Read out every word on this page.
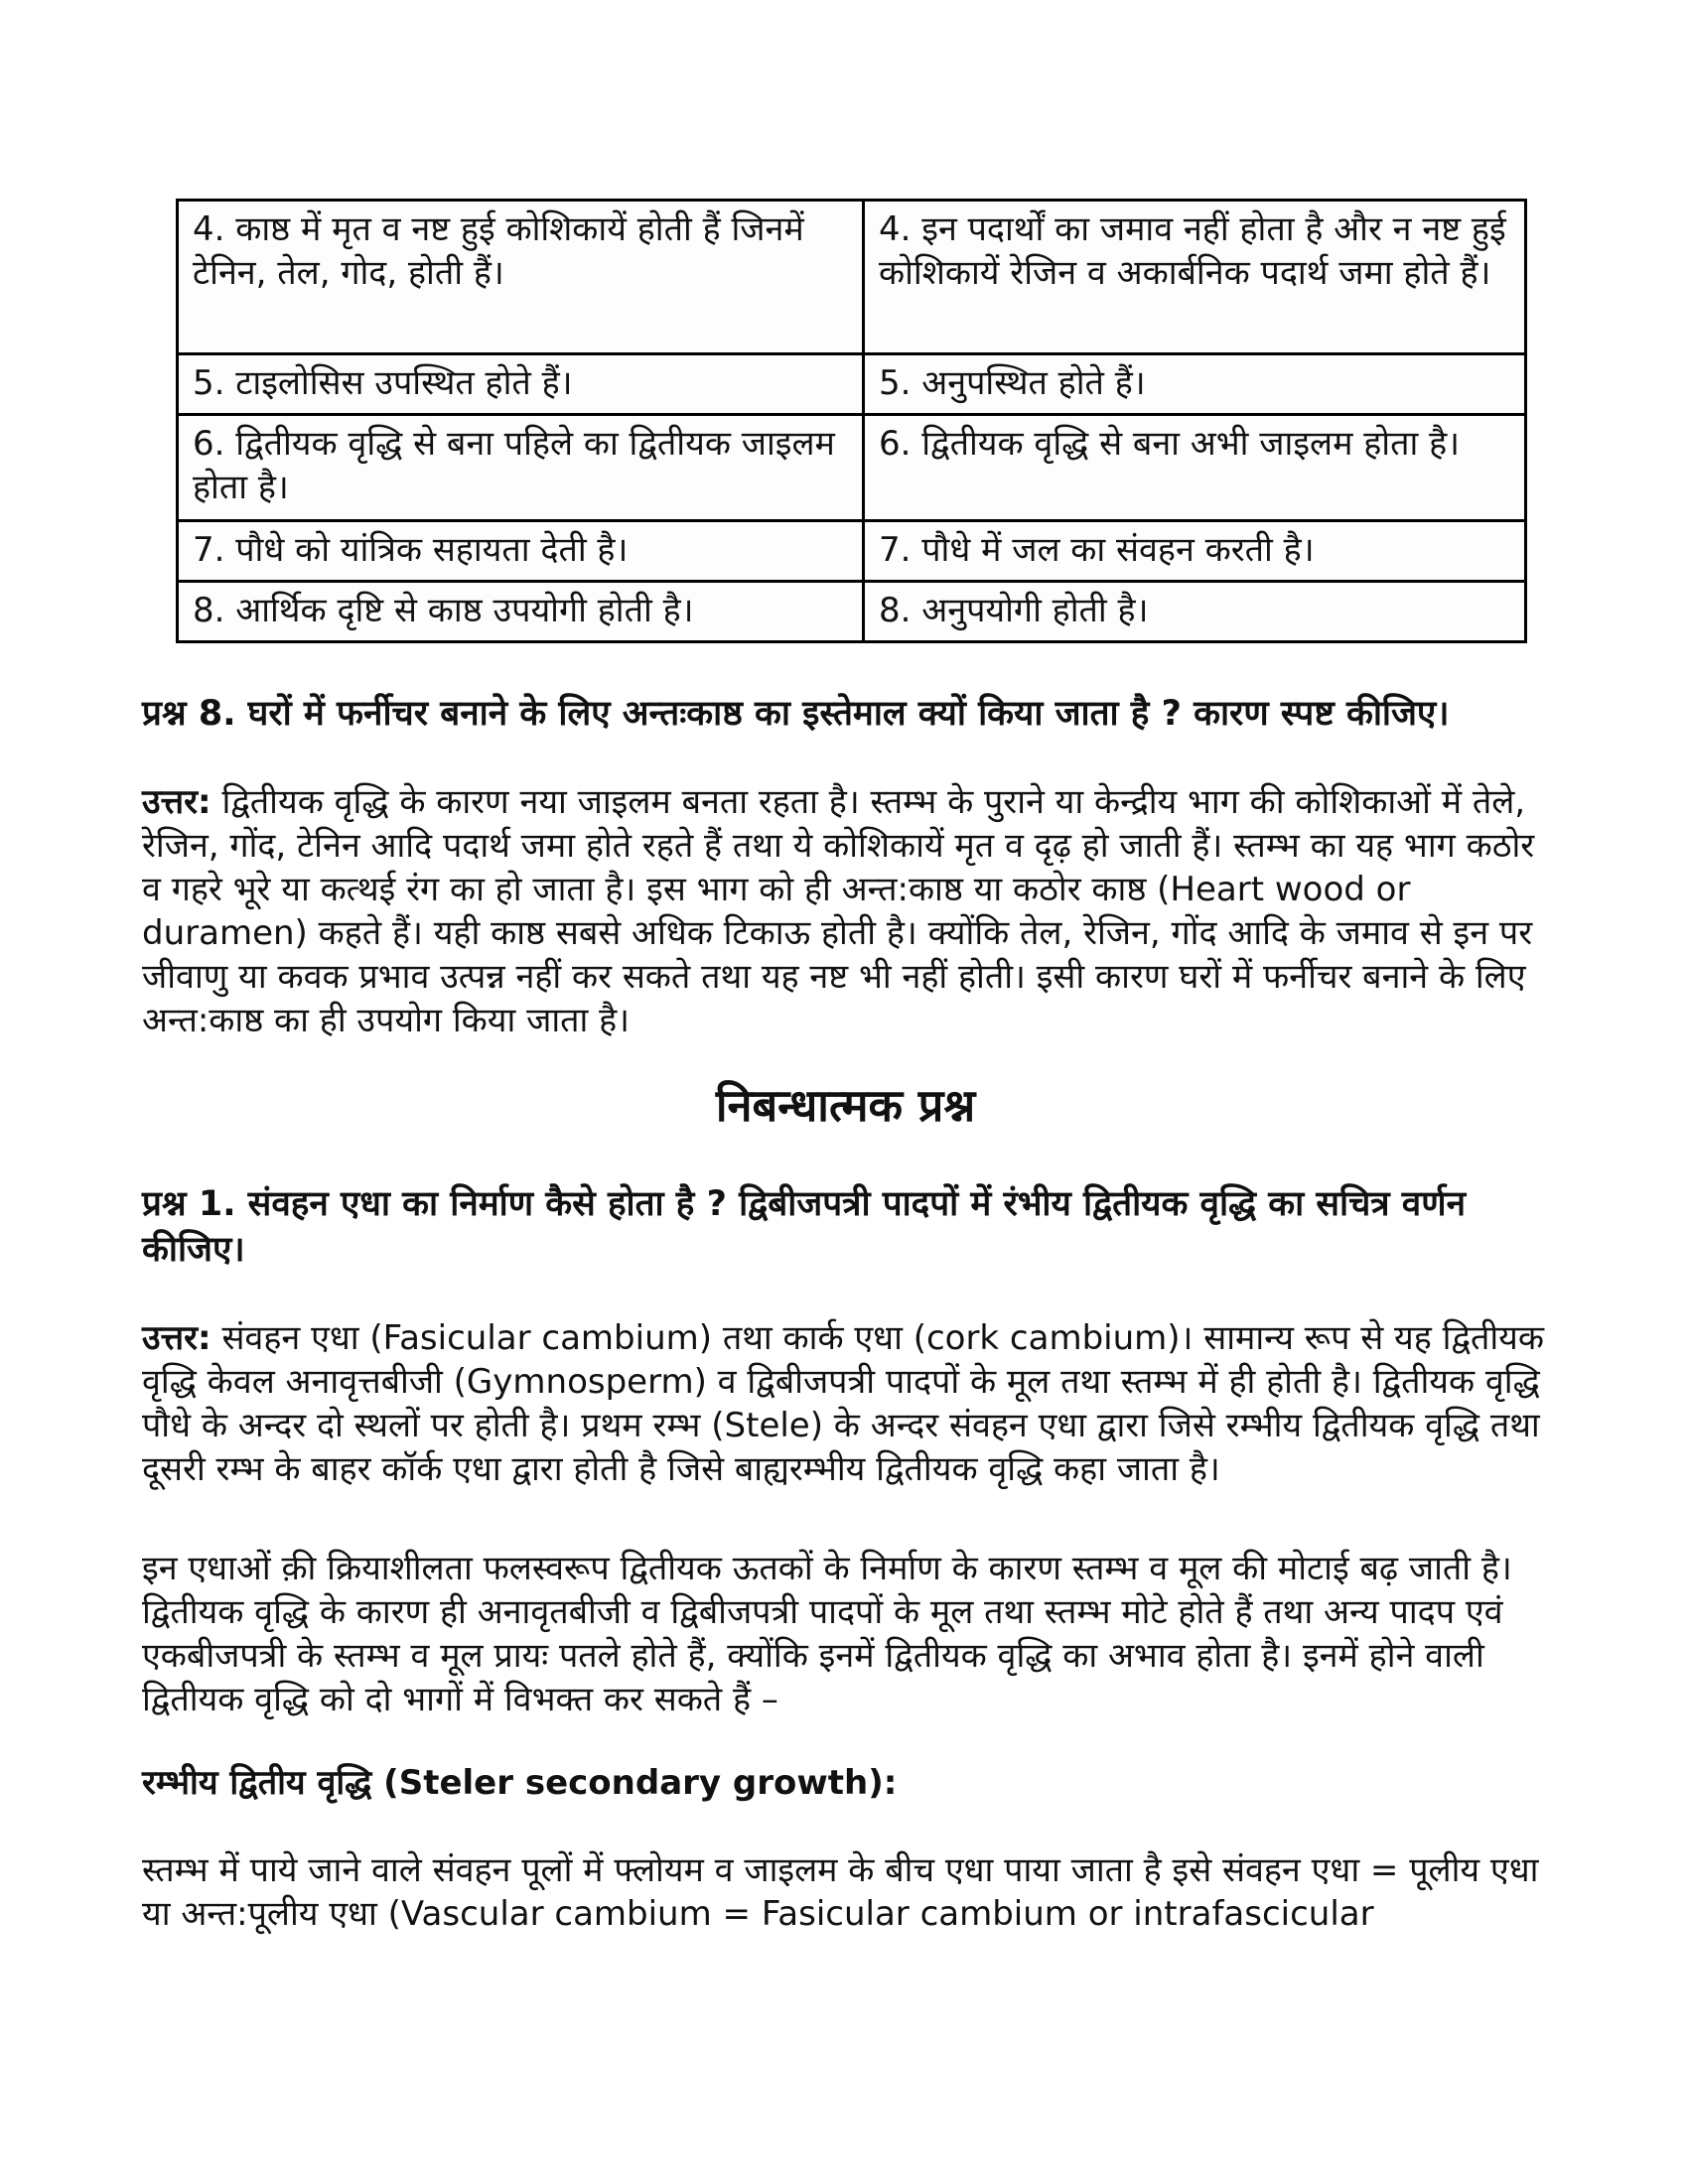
4. काष्ठ में मृत व नष्ट हुई कोशिकायें होती हैं जिनमें टेनिन, तेल, गोद, होती हैं।	4. इन पदार्थों का जमाव नहीं होता है और न नष्ट हुई कोशिकायें रेजिन व अकार्बनिक पदार्थ जमा होते हैं।
5. टाइलोसिस उपस्थित होते हैं।	5. अनुपस्थित होते हैं।
6. द्वितीयक वृद्धि से बना पहिले का द्वितीयक जाइलम होता है।	6. द्वितीयक वृद्धि से बना अभी जाइलम होता है।
7. पौधे को यांत्रिक सहायता देती है।	7. पौधे में जल का संवहन करती है।
8. आर्थिक दृष्टि से काष्ठ उपयोगी होती है।	8. अनुपयोगी होती है।
प्रश्न 8. घरों में फर्नीचर बनाने के लिए अन्तःकाष्ठ का इस्तेमाल क्यों किया जाता है ? कारण स्पष्ट कीजिए।
उत्तर: द्वितीयक वृद्धि के कारण नया जाइलम बनता रहता है। स्तम्भ के पुराने या केन्द्रीय भाग की कोशिकाओं में तेले, रेजिन, गोंद, टेनिन आदि पदार्थ जमा होते रहते हैं तथा ये कोशिकायें मृत व दृढ़ हो जाती हैं। स्तम्भ का यह भाग कठोर व गहरे भूरे या कत्थई रंग का हो जाता है। इस भाग को ही अन्त:काष्ठ या कठोर काष्ठ (Heart wood or duramen) कहते हैं। यही काष्ठ सबसे अधिक टिकाऊ होती है। क्योंकि तेल, रेजिन, गोंद आदि के जमाव से इन पर जीवाणु या कवक प्रभाव उत्पन्न नहीं कर सकते तथा यह नष्ट भी नहीं होती। इसी कारण घरों में फर्नीचर बनाने के लिए अन्त:काष्ठ का ही उपयोग किया जाता है।
निबन्धात्मक प्रश्न
प्रश्न 1. संवहन एधा का निर्माण कैसे होता है ? द्विबीजपत्री पादपों में रंभीय द्वितीयक वृद्धि का सचित्र वर्णन कीजिए।
उत्तर: संवहन एधा (Fasicular cambium) तथा कार्क एधा (cork cambium)। सामान्य रूप से यह द्वितीयक वृद्धि केवल अनावृत्तबीजी (Gymnosperm) व द्विबीजपत्री पादपों के मूल तथा स्तम्भ में ही होती है। द्वितीयक वृद्धि पौधे के अन्दर दो स्थलों पर होती है। प्रथम रम्भ (Stele) के अन्दर संवहन एधा द्वारा जिसे रम्भीय द्वितीयक वृद्धि तथा दूसरी रम्भ के बाहर कॉर्क एधा द्वारा होती है जिसे बाह्यरम्भीय द्वितीयक वृद्धि कहा जाता है।
इन एधाओं क़ी क्रियाशीलता फलस्वरूप द्वितीयक ऊतकों के निर्माण के कारण स्तम्भ व मूल की मोटाई बढ़ जाती है। द्वितीयक वृद्धि के कारण ही अनावृतबीजी व द्विबीजपत्री पादपों के मूल तथा स्तम्भ मोटे होते हैं तथा अन्य पादप एवं एकबीजपत्री के स्तम्भ व मूल प्रायः पतले होते हैं, क्योंकि इनमें द्वितीयक वृद्धि का अभाव होता है। इनमें होने वाली द्वितीयक वृद्धि को दो भागों में विभक्त कर सकते हैं –
रम्भीय द्वितीय वृद्धि (Steler secondary growth):
स्तम्भ में पाये जाने वाले संवहन पूलों में फ्लोयम व जाइलम के बीच एधा पाया जाता है इसे संवहन एधा = पूलीय एधा या अन्त:पूलीय एधा (Vascular cambium = Fasicular cambium or intrafascicular
